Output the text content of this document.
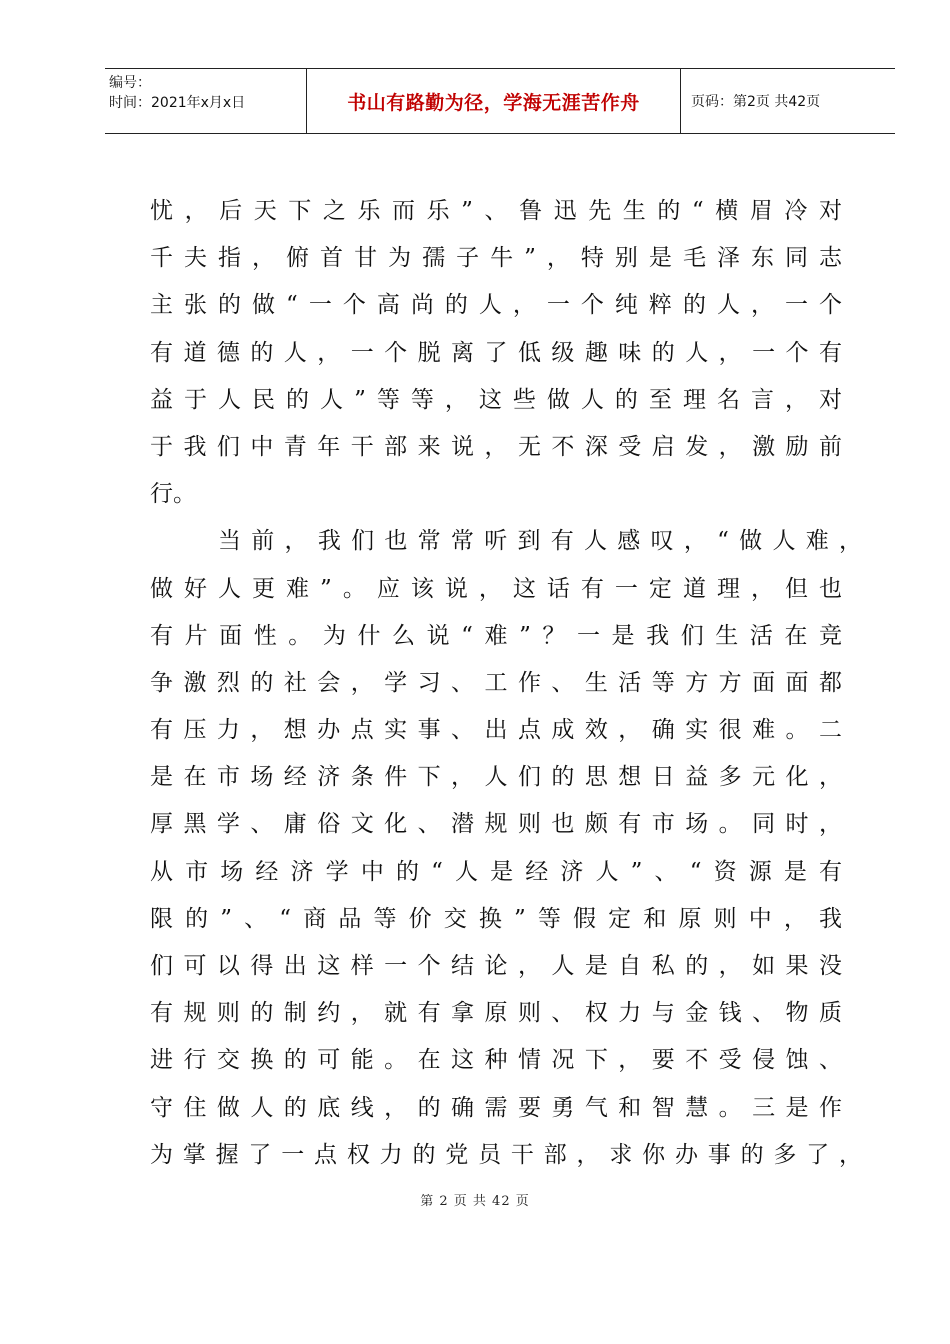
编号：
时间：2021年x月x日	书山有路勤为径，学海无涯苦作舟	页码：第2页 共42页
忧，后天下之乐而乐”、鲁迅先生的“横眉冷对
千夫指，俯首甘为孺子牛”，特别是毛泽东同志
主张的做“一个高尚的人，一个纯粹的人，一个
有道德的人，一个脱离了低级趣味的人，一个有
益于人民的人”等等，这些做人的至理名言，对
于我们中青年干部来说，无不深受启发，激励前
行。
当前，我们也常常听到有人感叹，“做人难，
做好人更难”。应该说，这话有一定道理，但也
有片面性。为什么说“难”？一是我们生活在竞
争激烈的社会，学习、工作、生活等方方面面都
有压力，想办点实事、出点成效，确实很难。二
是在市场经济条件下，人们的思想日益多元化，
厚黑学、庸俗文化、潜规则也颇有市场。同时，
从市场经济学中的“人是经济人”、“资源是有
限的”、“商品等价交换”等假定和原则中，我
们可以得出这样一个结论，人是自私的，如果没
有规则的制约，就有拿原则、权力与金钱、物质
进行交换的可能。在这种情况下，要不受侵蚀、
守住做人的底线，的确需要勇气和智慧。三是作
为掌握了一点权力的党员干部，求你办事的多了，
第 2 页 共 42 页
